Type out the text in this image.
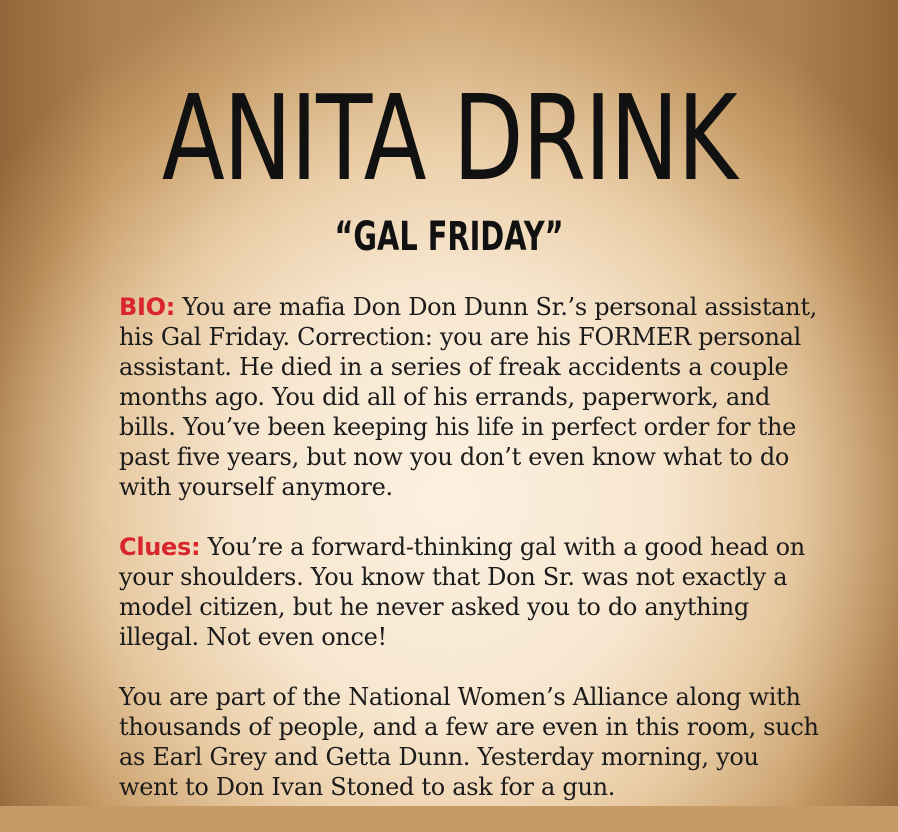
ANITA DRINK
“GAL FRIDAY”

BIO: You are mafia Don Don Dunn Sr.’s personal assistant, his Gal Friday. Correction: you are his FORMER personal assistant. He died in a series of freak accidents a couple months ago. You did all of his errands, paperwork, and bills. You’ve been keeping his life in perfect order for the past five years, but now you don’t even know what to do with yourself anymore.

Clues: You’re a forward-thinking gal with a good head on your shoulders. You know that Don Sr. was not exactly a model citizen, but he never asked you to do anything illegal. Not even once!

You are part of the National Women’s Alliance along with thousands of people, and a few are even in this room, such as Earl Grey and Getta Dunn. Yesterday morning, you went to Don Ivan Stoned to ask for a gun.
